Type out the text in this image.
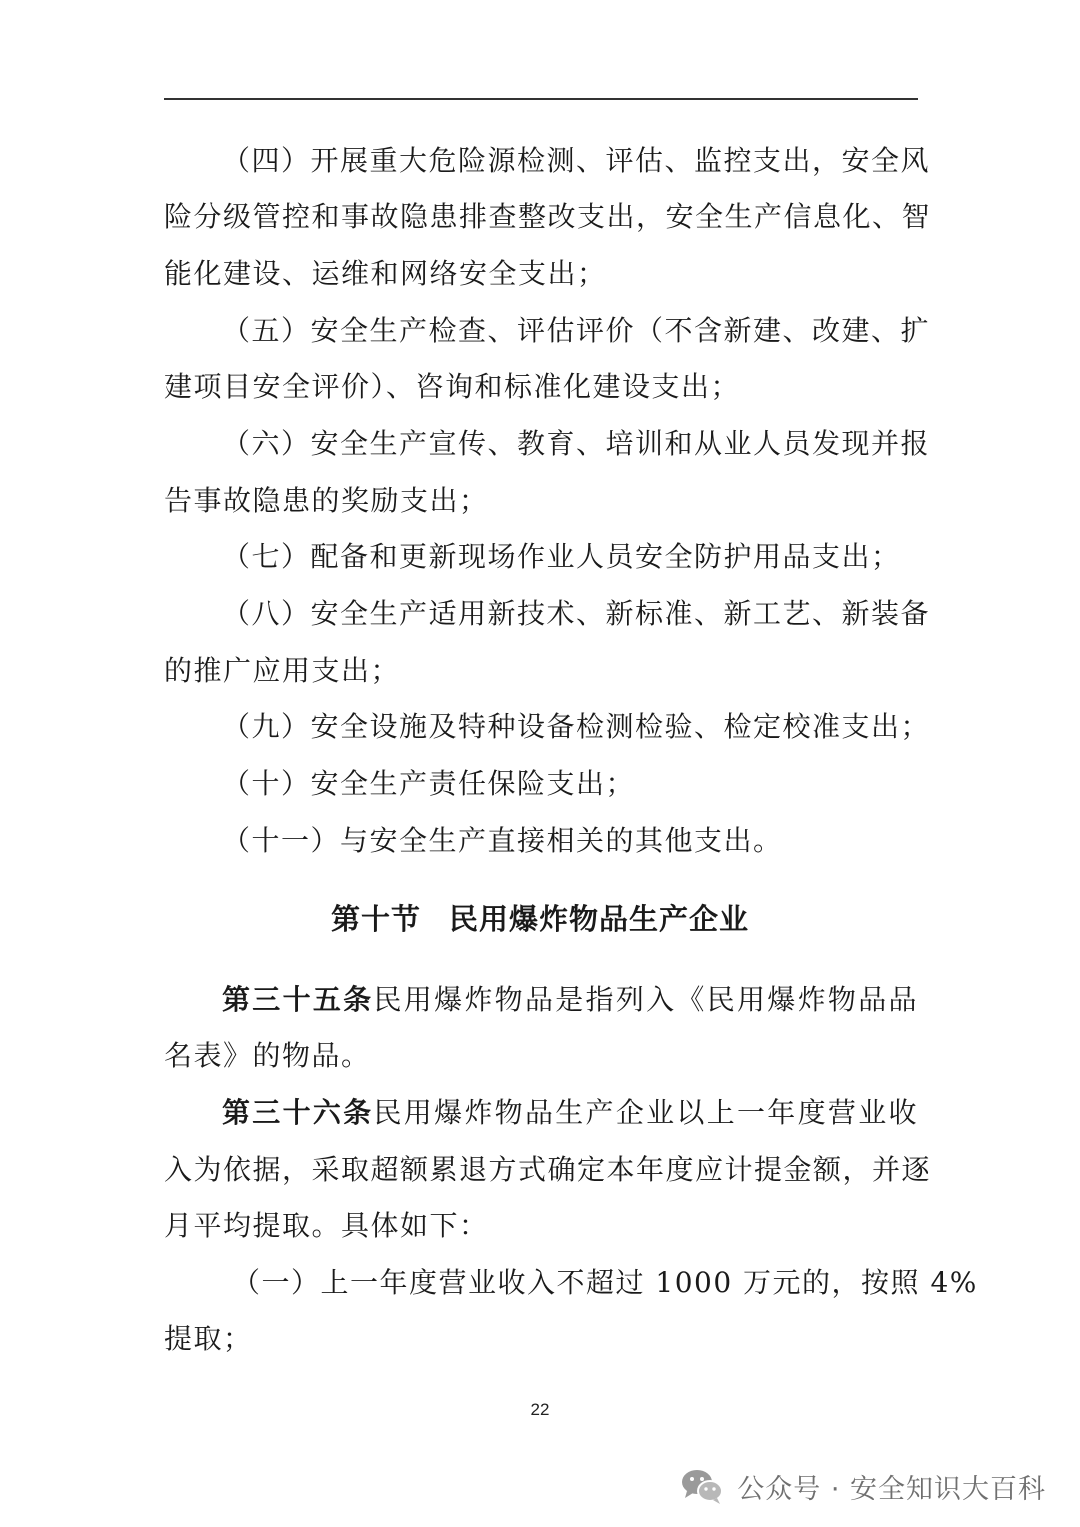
（四）开展重大危险源检测、评估、监控支出，安全风
险分级管控和事故隐患排查整改支出，安全生产信息化、智
能化建设、运维和网络安全支出；
（五）安全生产检查、评估评价（不含新建、改建、扩
建项目安全评价）、咨询和标准化建设支出；
（六）安全生产宣传、教育、培训和从业人员发现并报
告事故隐患的奖励支出；
（七）配备和更新现场作业人员安全防护用品支出；
（八）安全生产适用新技术、新标准、新工艺、新装备
的推广应用支出；
（九）安全设施及特种设备检测检验、检定校准支出；
（十）安全生产责任保险支出；
（十一）与安全生产直接相关的其他支出。
第十节 民用爆炸物品生产企业
第三十五条民用爆炸物品是指列入《民用爆炸物品品
名表》的物品。
第三十六条民用爆炸物品生产企业以上一年度营业收
入为依据，采取超额累退方式确定本年度应计提金额，并逐
月平均提取。具体如下：
（一）上一年度营业收入不超过 1000 万元的，按照 4%
提取；
22
公众号 · 安全知识大百科
